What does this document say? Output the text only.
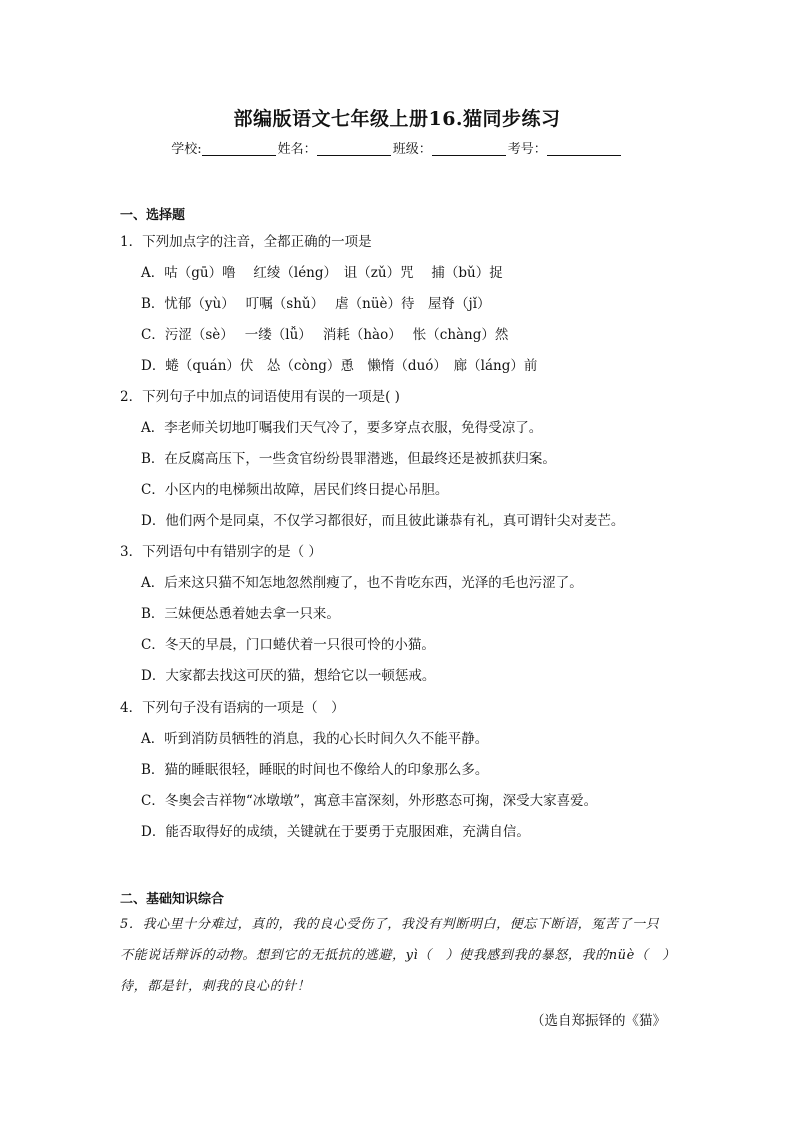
部编版语文七年级上册16.猫同步练习
学校:	姓名：	班级：	考号：
一、选择题
1．下列加点字的注音，全都正确的一项是
A．咕（gū）噜　 红绫（léng）　诅（zǔ）咒　 捕（bǔ）捉
B．忧郁（yù）　 叮嘱（shǔ）　 虐（nüè）待　屋脊（jǐ）
C．污涩（sè）　 一缕（lǚ）　 消耗（hào）　 怅（chàng）然
D．蜷（quán）伏　怂（còng）恿　懒惰（duó）　廊（láng）前
2．下列句子中加点的词语使用有误的一项是( )
A．李老师关切地叮嘱我们天气冷了，要多穿点衣服，免得受凉了。
B．在反腐高压下，一些贪官纷纷畏罪潜逃，但最终还是被抓获归案。
C．小区内的电梯频出故障，居民们终日提心吊胆。
D．他们两个是同桌，不仅学习都很好，而且彼此谦恭有礼，真可谓针尖对麦芒。
3．下列语句中有错别字的是（ ）
A．后来这只猫不知怎地忽然削瘦了，也不肯吃东西，光泽的毛也污涩了。
B．三妹便怂恿着她去拿一只来。
C．冬天的早晨，门口蜷伏着一只很可怜的小猫。
D．大家都去找这可厌的猫，想给它以一顿惩戒。
4．下列句子没有语病的一项是（　）
A．听到消防员牺牲的消息，我的心长时间久久不能平静。
B．猫的睡眠很轻，睡眠的时间也不像给人的印象那么多。
C．冬奥会吉祥物“冰墩墩”，寓意丰富深刻，外形憨态可掬，深受大家喜爱。
D．能否取得好的成绩，关键就在于要勇于克服困难，充满自信。
二、基础知识综合
5．我心里十分难过，真的，我的良心受伤了，我没有判断明白，便忘下断语，冤苦了一只
不能说话辩诉的动物。想到它的无抵抗的逃避，yì（　）使我感到我的暴怒，我的nüè（　）
待，都是针，刺我的良心的针！
（选自郑振铎的《猫》
